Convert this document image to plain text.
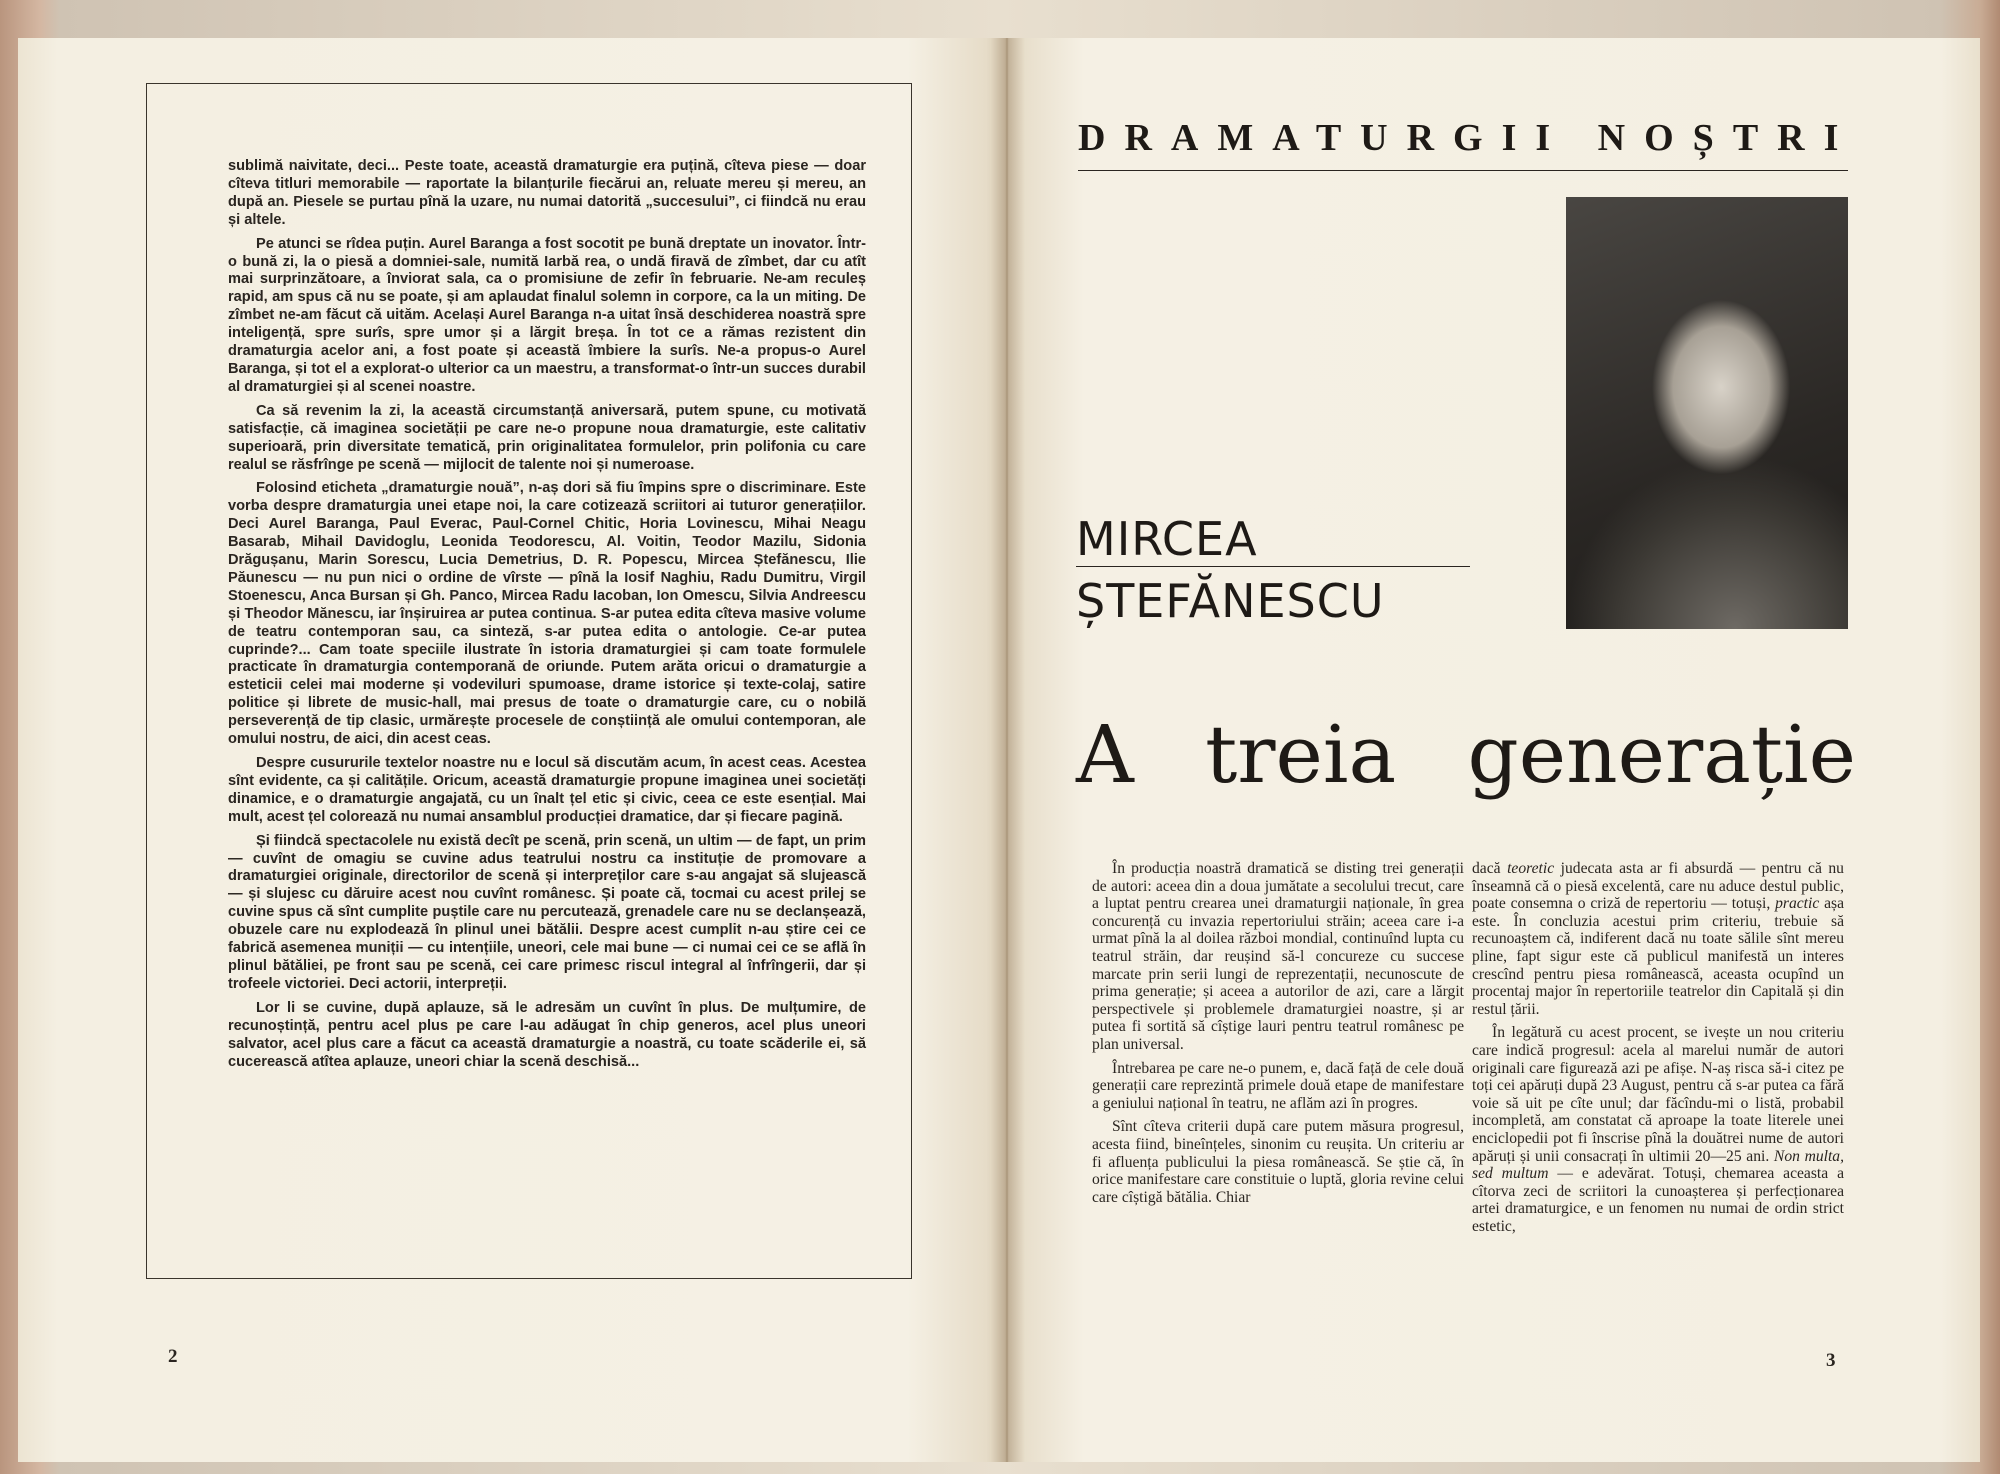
sublimă naivitate, deci... Peste toate, această dramaturgie era puțină, cîteva piese — doar cîteva titluri memorabile — raportate la bilanțurile fiecărui an, reluate mereu și mereu, an după an. Piesele se purtau pînă la uzare, nu numai datorită „succesului”, ci fiindcă nu erau și altele.

Pe atunci se rîdea puțin. Aurel Baranga a fost socotit pe bună dreptate un inovator. Într-o bună zi, la o piesă a domniei-sale, numită Iarbă rea, o undă firavă de zîmbet, dar cu atît mai surprinzătoare, a înviorat sala, ca o promisiune de zefir în februarie. Ne-am reculeș rapid, am spus că nu se poate, și am aplaudat finalul solemn in corpore, ca la un miting. De zîmbet ne-am făcut că uităm. Același Aurel Baranga n-a uitat însă deschiderea noastră spre inteligență, spre surîs, spre umor și a lărgit breșa. În tot ce a rămas rezistent din dramaturgia acelor ani, a fost poate și această îmbiere la surîs. Ne-a propus-o Aurel Baranga, și tot el a explorat-o ulterior ca un maestru, a transformat-o într-un succes durabil al dramaturgiei și al scenei noastre.

Ca să revenim la zi, la această circumstanță aniversară, putem spune, cu motivată satisfacție, că imaginea societății pe care ne-o propune noua dramaturgie, este calitativ superioară, prin diversitate tematică, prin originalitatea formulelor, prin polifonia cu care realul se răsfrînge pe scenă — mijlocit de talente noi și numeroase.

Folosind eticheta „dramaturgie nouă”, n-aș dori să fiu împins spre o discriminare. Este vorba despre dramaturgia unei etape noi, la care cotizează scriitori ai tuturor generațiilor. Deci Aurel Baranga, Paul Everac, Paul-Cornel Chitic, Horia Lovinescu, Mihai Neagu Basarab, Mihail Davidoglu, Leonida Teodorescu, Al. Voitin, Teodor Mazilu, Sidonia Drăgușanu, Marin Sorescu, Lucia Demetrius, D. R. Popescu, Mircea Ștefănescu, Ilie Păunescu — nu pun nici o ordine de vîrste — pînă la Iosif Naghiu, Radu Dumitru, Virgil Stoenescu, Anca Bursan și Gh. Panco, Mircea Radu Iacoban, Ion Omescu, Silvia Andreescu și Theodor Mănescu, iar înșiruirea ar putea continua. S-ar putea edita cîteva masive volume de teatru contemporan sau, ca sinteză, s-ar putea edita o antologie. Ce-ar putea cuprinde?... Cam toate speciile ilustrate în istoria dramaturgiei și cam toate formulele practicate în dramaturgia contemporană de oriunde. Putem arăta oricui o dramaturgie a esteticii celei mai moderne și vodeviluri spumoase, drame istorice și texte-colaj, satire politice și librete de music-hall, mai presus de toate o dramaturgie care, cu o nobilă perseverență de tip clasic, urmărește procesele de conștiință ale omului contemporan, ale omului nostru, de aici, din acest ceas.

Despre cusururile textelor noastre nu e locul să discutăm acum, în acest ceas. Acestea sînt evidente, ca și calitățile. Oricum, această dramaturgie propune imaginea unei societăți dinamice, e o dramaturgie angajată, cu un înalt țel etic și civic, ceea ce este esențial. Mai mult, acest țel colorează nu numai ansamblul producției dramatice, dar și fiecare pagină.

Și fiindcă spectacolele nu există decît pe scenă, prin scenă, un ultim — de fapt, un prim — cuvînt de omagiu se cuvine adus teatrului nostru ca instituție de promovare a dramaturgiei originale, directorilor de scenă și interpreților care s-au angajat să slujească — și slujesc cu dăruire acest nou cuvînt românesc. Și poate că, tocmai cu acest prilej se cuvine spus că sînt cumplite puștile care nu percutează, grenadele care nu se declanșează, obuzele care nu explodează în plinul unei bătălii. Despre acest cumplit n-au știre cei ce fabrică asemenea muniții — cu intențiile, uneori, cele mai bune — ci numai cei ce se află în plinul bătăliei, pe front sau pe scenă, cei care primesc riscul integral al înfrîngerii, dar și trofeele victoriei. Deci actorii, interpreții.

Lor li se cuvine, după aplauze, să le adresăm un cuvînt în plus. De mulțumire, de recunoștință, pentru acel plus pe care l-au adăugat în chip generos, acel plus uneori salvator, acel plus care a făcut ca această dramaturgie a noastră, cu toate scăderile ei, să cucerească atîtea aplauze, uneori chiar la scenă deschisă...

2
DRAMATURGII NOȘTRI
MIRCEA
ȘTEFĂNESCU
A treia generație

În producția noastră dramatică se disting trei generații de autori: aceea din a doua jumătate a secolului trecut, care a luptat pentru crearea unei dramaturgii naționale, în grea concurență cu invazia repertoriului străin; aceea care i-a urmat pînă la al doilea război mondial, continuînd lupta cu teatrul străin, dar reușind să-l concureze cu succese marcate prin serii lungi de reprezentații, necunoscute de prima generație; și aceea a autorilor de azi, care a lărgit perspectivele și problemele dramaturgiei noastre, și ar putea fi sortită să cîștige lauri pentru teatrul românesc pe plan universal.

Întrebarea pe care ne-o punem, e, dacă față de cele două generații care reprezintă primele două etape de manifestare a geniului național în teatru, ne aflăm azi în progres.

Sînt cîteva criterii după care putem măsura progresul, acesta fiind, bineînțeles, sinonim cu reușita. Un criteriu ar fi afluența publicului la piesa românească. Se știe că, în orice manifestare care constituie o luptă, gloria revine celui care cîștigă bătălia. Chiar

dacă teoretic judecata asta ar fi absurdă — pentru că nu înseamnă că o piesă excelentă, care nu aduce destul public, poate consemna o criză de repertoriu — totuși, practic așa este. În concluzia acestui prim criteriu, trebuie să recunoaștem că, indiferent dacă nu toate sălile sînt mereu pline, fapt sigur este că publicul manifestă un interes crescînd pentru piesa românească, aceasta ocupînd un procentaj major în repertoriile teatrelor din Capitală și din restul țării.

În legătură cu acest procent, se ivește un nou criteriu care indică progresul: acela al marelui număr de autori originali care figurează azi pe afișe. N-aș risca să-i citez pe toți cei apăruți după 23 August, pentru că s-ar putea ca fără voie să uit pe cîte unul; dar făcîndu-mi o listă, probabil incompletă, am constatat că aproape la toate literele unei enciclopedii pot fi înscrise pînă la douătrei nume de autori apăruți și unii consacrați în ultimii 20—25 ani. Non multa, sed multum — e adevărat. Totuși, chemarea aceasta a cîtorva zeci de scriitori la cunoașterea și perfecționarea artei dramaturgice, e un fenomen nu numai de ordin strict estetic,

3
